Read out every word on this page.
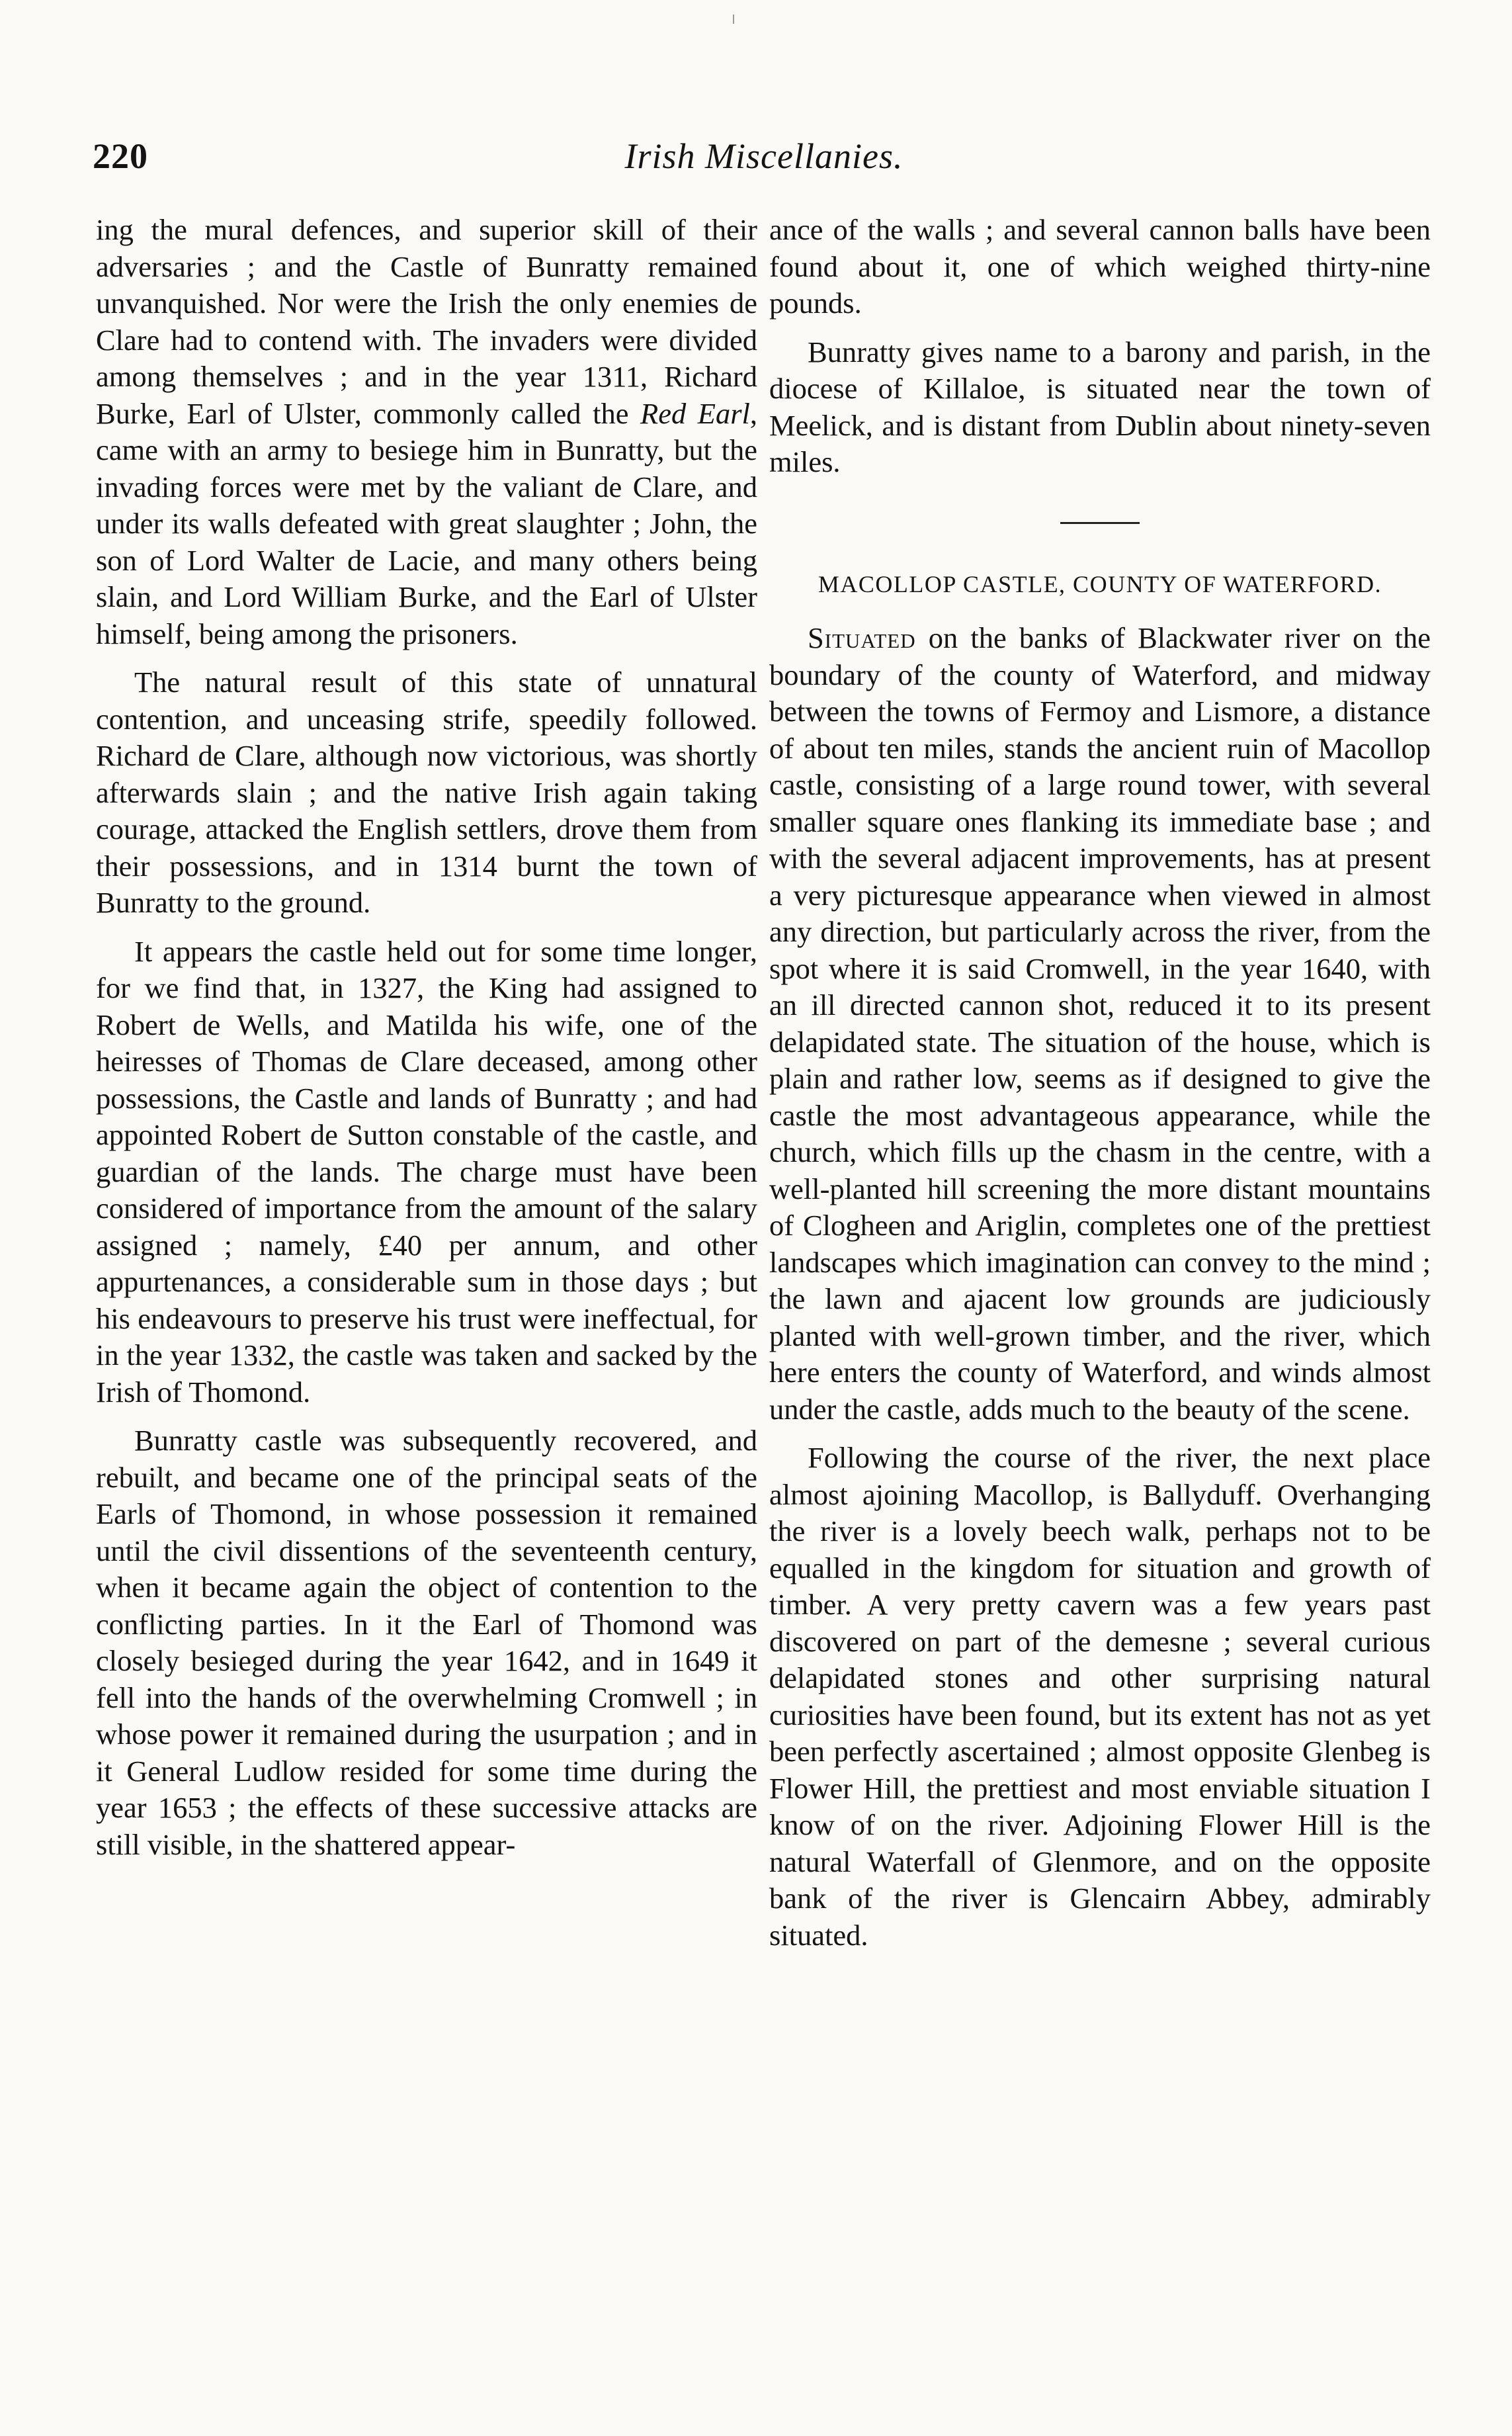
220	Irish Miscellanies.

ing the mural defences, and superior skill of their adversaries ; and the Castle of Bunratty remained unvanquished. Nor were the Irish the only enemies de Clare had to contend with. The invaders were divided among themselves ; and in the year 1311, Richard Burke, Earl of Ulster, commonly called the Red Earl, came with an army to besiege him in Bunratty, but the invading forces were met by the valiant de Clare, and under its walls defeated with great slaughter ; John, the son of Lord Walter de Lacie, and many others being slain, and Lord William Burke, and the Earl of Ulster himself, being among the prisoners.

The natural result of this state of unnatural contention, and unceasing strife, speedily followed. Richard de Clare, although now victorious, was shortly afterwards slain ; and the native Irish again taking courage, attacked the English settlers, drove them from their possessions, and in 1314 burnt the town of Bunratty to the ground.

It appears the castle held out for some time longer, for we find that, in 1327, the King had assigned to Robert de Wells, and Matilda his wife, one of the heiresses of Thomas de Clare deceased, among other possessions, the Castle and lands of Bunratty ; and had appointed Robert de Sutton constable of the castle, and guardian of the lands. The charge must have been considered of importance from the amount of the salary assigned ; namely, £40 per annum, and other appurtenances, a considerable sum in those days ; but his endeavours to preserve his trust were ineffectual, for in the year 1332, the castle was taken and sacked by the Irish of Thomond.

Bunratty castle was subsequently recovered, and rebuilt, and became one of the principal seats of the Earls of Thomond, in whose possession it remained until the civil dissentions of the seventeenth century, when it became again the object of contention to the conflicting parties. In it the Earl of Thomond was closely besieged during the year 1642, and in 1649 it fell into the hands of the overwhelming Cromwell ; in whose power it remained during the usurpation ; and in it General Ludlow resided for some time during the year 1653 ; the effects of these successive attacks are still visible, in the shattered appear-

ance of the walls ; and several cannon balls have been found about it, one of which weighed thirty-nine pounds.

Bunratty gives name to a barony and parish, in the diocese of Killaloe, is situated near the town of Meelick, and is distant from Dublin about ninety-seven miles.

MACOLLOP CASTLE, COUNTY OF WATERFORD.

Situated on the banks of Blackwater river on the boundary of the county of Waterford, and midway between the towns of Fermoy and Lismore, a distance of about ten miles, stands the ancient ruin of Macollop castle, consisting of a large round tower, with several smaller square ones flanking its immediate base ; and with the several adjacent improvements, has at present a very picturesque appearance when viewed in almost any direction, but particularly across the river, from the spot where it is said Cromwell, in the year 1640, with an ill directed cannon shot, reduced it to its present delapidated state. The situation of the house, which is plain and rather low, seems as if designed to give the castle the most advantageous appearance, while the church, which fills up the chasm in the centre, with a well-planted hill screening the more distant mountains of Clogheen and Ariglin, completes one of the prettiest landscapes which imagination can convey to the mind ; the lawn and ajacent low grounds are judiciously planted with well-grown timber, and the river, which here enters the county of Waterford, and winds almost under the castle, adds much to the beauty of the scene.

Following the course of the river, the next place almost ajoining Macollop, is Ballyduff. Overhanging the river is a lovely beech walk, perhaps not to be equalled in the kingdom for situation and growth of timber. A very pretty cavern was a few years past discovered on part of the demesne ; several curious delapidated stones and other surprising natural curiosities have been found, but its extent has not as yet been perfectly ascertained ; almost opposite Glenbeg is Flower Hill, the prettiest and most enviable situation I know of on the river. Adjoining Flower Hill is the natural Waterfall of Glenmore, and on the opposite bank of the river is Glencairn Abbey, admirably situated.
